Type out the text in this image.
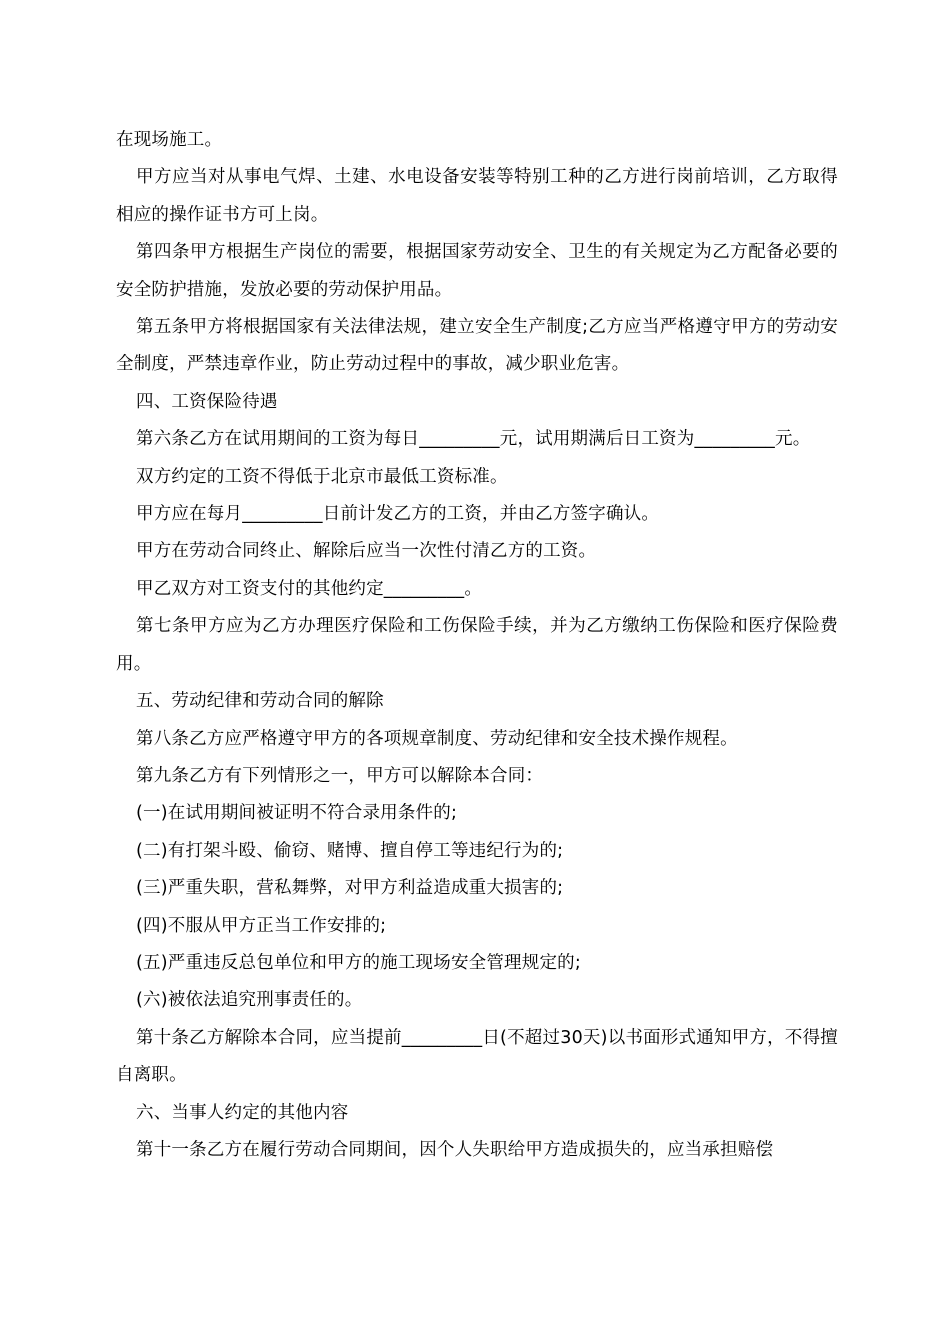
在现场施工。

甲方应当对从事电气焊、土建、水电设备安装等特别工种的乙方进行岗前培训，乙方取得相应的操作证书方可上岗。

第四条甲方根据生产岗位的需要，根据国家劳动安全、卫生的有关规定为乙方配备必要的安全防护措施，发放必要的劳动保护用品。

第五条甲方将根据国家有关法律法规，建立安全生产制度;乙方应当严格遵守甲方的劳动安全制度，严禁违章作业，防止劳动过程中的事故，减少职业危害。

四、工资保险待遇

第六条乙方在试用期间的工资为每日_________元，试用期满后日工资为_________元。

双方约定的工资不得低于北京市最低工资标准。

甲方应在每月_________日前计发乙方的工资，并由乙方签字确认。

甲方在劳动合同终止、解除后应当一次性付清乙方的工资。

甲乙双方对工资支付的其他约定_________。

第七条甲方应为乙方办理医疗保险和工伤保险手续，并为乙方缴纳工伤保险和医疗保险费用。

五、劳动纪律和劳动合同的解除

第八条乙方应严格遵守甲方的各项规章制度、劳动纪律和安全技术操作规程。

第九条乙方有下列情形之一，甲方可以解除本合同：

(一)在试用期间被证明不符合录用条件的;

(二)有打架斗殴、偷窃、赌博、擅自停工等违纪行为的;

(三)严重失职，营私舞弊，对甲方利益造成重大损害的;

(四)不服从甲方正当工作安排的;

(五)严重违反总包单位和甲方的施工现场安全管理规定的;

(六)被依法追究刑事责任的。

第十条乙方解除本合同，应当提前_________日(不超过30天)以书面形式通知甲方，不得擅自离职。

六、当事人约定的其他内容

第十一条乙方在履行劳动合同期间，因个人失职给甲方造成损失的，应当承担赔偿
